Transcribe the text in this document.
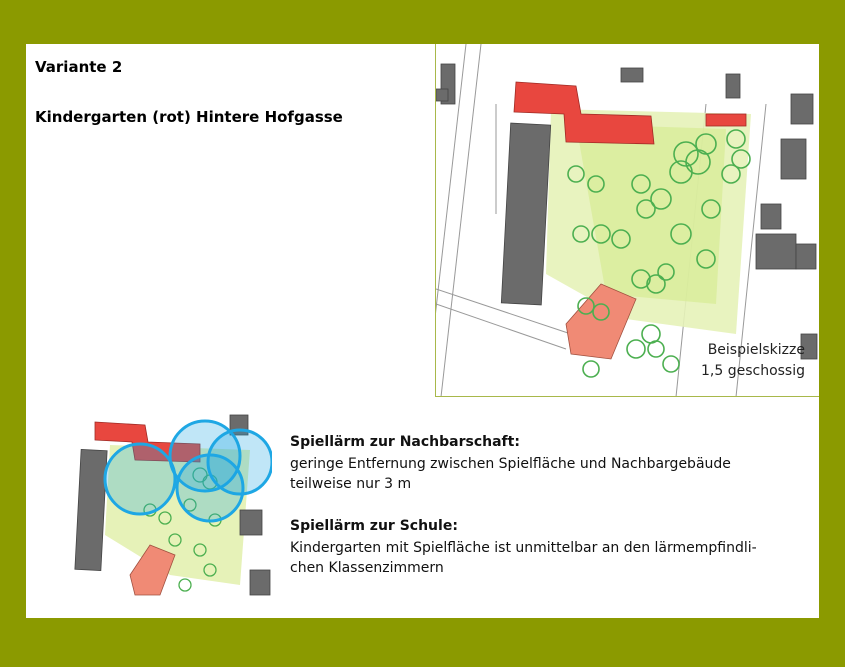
Variante 2
Kindergarten (rot) Hintere Hofgasse
Beispielskizze
1,5 geschossig

Spiellärm zur Nachbarschaft:

geringe Entfernung zwischen Spielfläche und Nachbargebäude
teilweise nur 3 m

Spiellärm zur Schule:

Kindergarten mit Spielfläche ist unmittelbar an den lärmempfindli-
chen Klassenzimmern
